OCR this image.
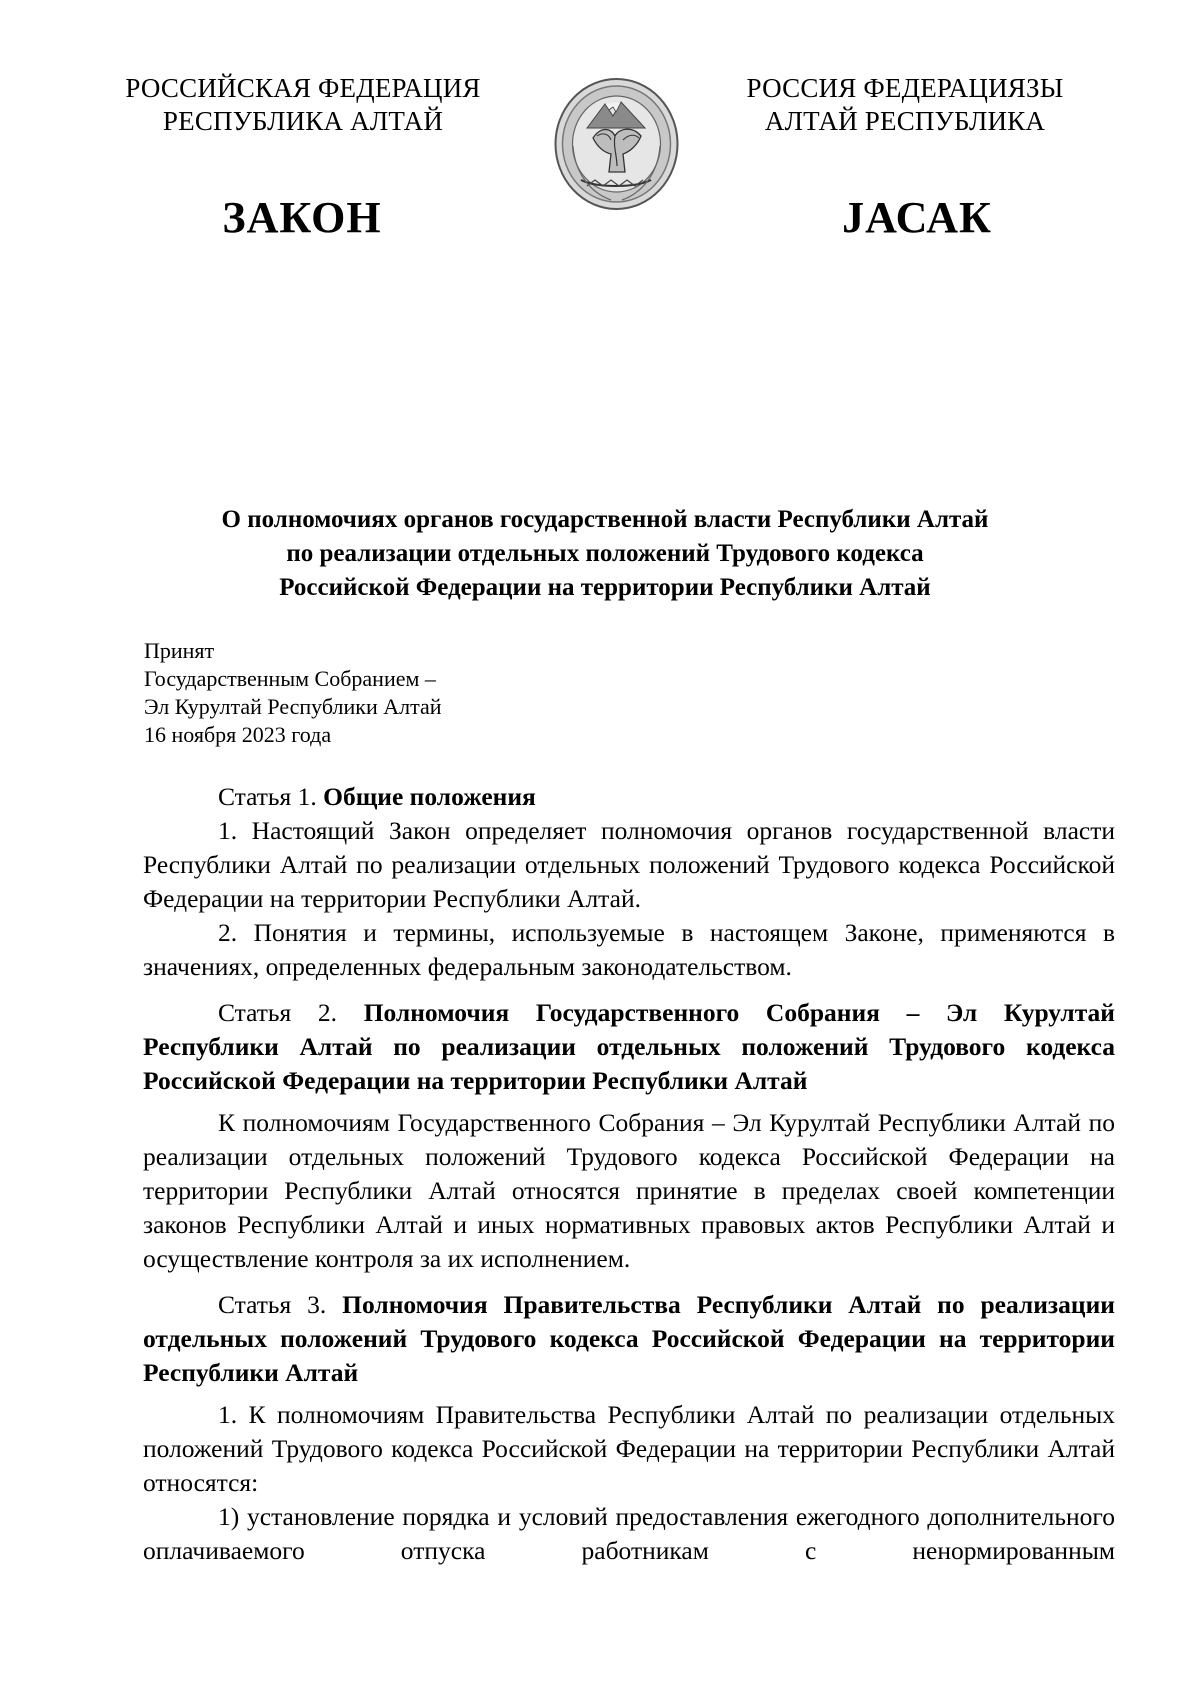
РОССИЙСКАЯ ФЕДЕРАЦИЯ
РЕСПУБЛИКА АЛТАЙ
РОССИЯ ФЕДЕРАЦИЯЗЫ
АЛТАЙ РЕСПУБЛИКА
ЗАКОН	JАСАК
О полномочиях органов государственной власти Республики Алтай
по реализации отдельных положений Трудового кодекса
Российской Федерации на территории Республики Алтай
Принят
Государственным Собранием –
Эл Курултай Республики Алтай
16 ноября 2023 года

Статья 1. Общие положения

1. Настоящий Закон определяет полномочия органов государственной власти Республики Алтай по реализации отдельных положений Трудового кодекса Российской Федерации на территории Республики Алтай.

2. Понятия и термины, используемые в настоящем Законе, применяются в значениях, определенных федеральным законодательством.

Статья 2. Полномочия Государственного Собрания – Эл Курултай Республики Алтай по реализации отдельных положений Трудового кодекса Российской Федерации на территории Республики Алтай

К полномочиям Государственного Собрания – Эл Курултай Республики Алтай по реализации отдельных положений Трудового кодекса Российской Федерации на территории Республики Алтай относятся принятие в пределах своей компетенции законов Республики Алтай и иных нормативных правовых актов Республики Алтай и осуществление контроля за их исполнением.

Статья 3. Полномочия Правительства Республики Алтай по реализации отдельных положений Трудового кодекса Российской Федерации на территории Республики Алтай

1. К полномочиям Правительства Республики Алтай по реализации отдельных положений Трудового кодекса Российской Федерации на территории Республики Алтай относятся:

1) установление порядка и условий предоставления ежегодного дополнительного оплачиваемого отпуска работникам с ненормированным
